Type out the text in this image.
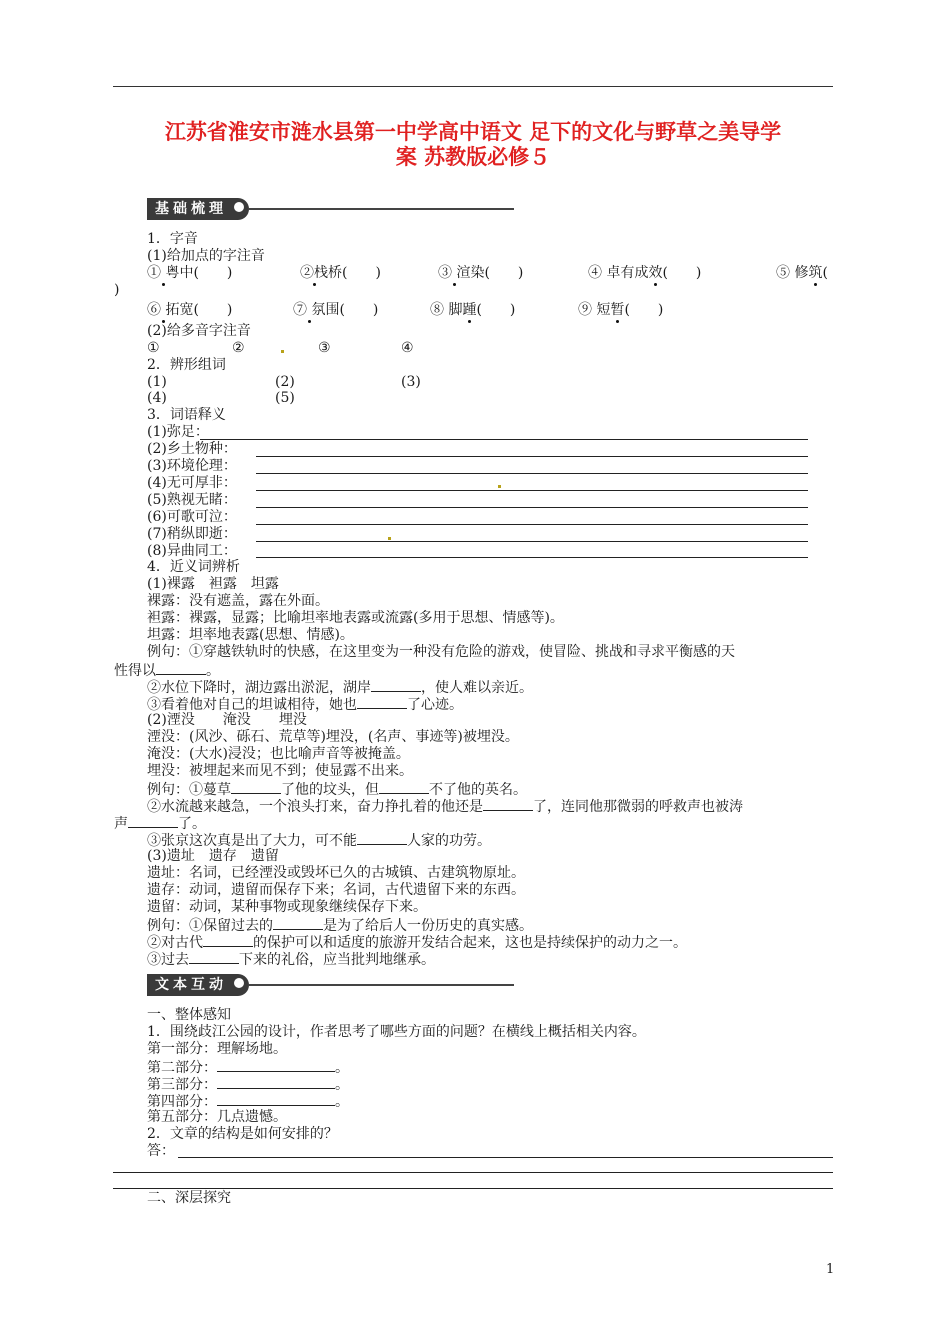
江苏省淮安市涟水县第一中学高中语文 足下的文化与野草之美导学
案 苏教版必修５
基础梳理
1．字音
(1)给加点的字注音
① 粤中(　　)	②栈桥(　　)	③ 渲染(　　)	④ 卓有成效(　　)	⑤ 修筑(
)
⑥ 拓宽(　　)	⑦ 氛围(　　)	⑧ 脚踵(　　)	⑨ 短暂(　　)
(2)给多音字注音
①	②	③	④
2．辨形组词
(1)	(2)	(3)
(4)	(5)
3．词语释义
(1)弥足：
(2)乡土物种：
(3)环境伦理：
(4)无可厚非：
(5)熟视无睹：
(6)可歌可泣：
(7)稍纵即逝：
(8)异曲同工：
4．近义词辨析
(1)裸露　袒露　坦露
裸露：没有遮盖，露在外面。
袒露：裸露，显露；比喻坦率地表露或流露(多用于思想、情感等)。
坦露：坦率地表露(思想、情感)。
例句：①穿越铁轨时的快感，在这里变为一种没有危险的游戏，使冒险、挑战和寻求平衡感的天
性得以	。
②水位下降时，湖边露出淤泥，湖岸	，使人难以亲近。
③看着他对自己的坦诚相待，她也	了心迹。
(2)湮没　　淹没　　埋没
湮没：(风沙、砾石、荒草等)埋没，(名声、事迹等)被埋没。
淹没：(大水)浸没；也比喻声音等被掩盖。
埋没：被埋起来而见不到；使显露不出来。
例句：①蔓草	了他的坟头，但	不了他的英名。
②水流越来越急，一个浪头打来，奋力挣扎着的他还是	了，连同他那微弱的呼救声也被涛
声	了。
③张京这次真是出了大力，可不能	人家的功劳。
(3)遗址　遗存　遗留
遗址：名词，已经湮没或毁坏已久的古城镇、古建筑物原址。
遗存：动词，遗留而保存下来；名词，古代遗留下来的东西。
遗留：动词，某种事物或现象继续保存下来。
例句：①保留过去的	是为了给后人一份历史的真实感。
②对古代	的保护可以和适度的旅游开发结合起来，这也是持续保护的动力之一。
③过去	下来的礼俗，应当批判地继承。
文本互动
一、整体感知
1．围绕歧江公园的设计，作者思考了哪些方面的问题？在横线上概括相关内容。
第一部分：理解场地。
第二部分：	。
第三部分：	。
第四部分：	。
第五部分：几点遗憾。
2．文章的结构是如何安排的？
答：
二、深层探究
1
